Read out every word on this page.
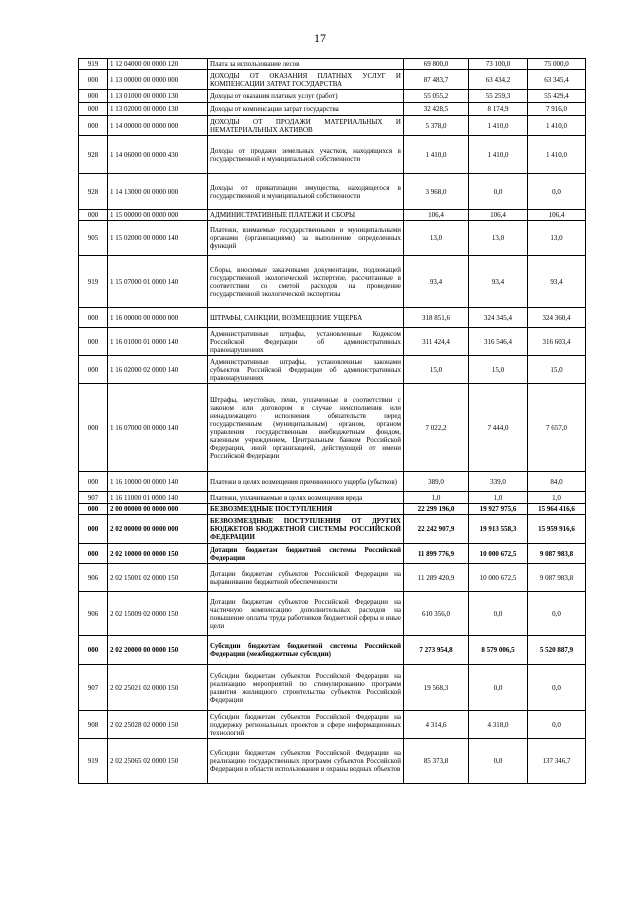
17
919	1 12 04000 00 0000 120	Плата за использование лесов	69 800,0	73 100,0	75 000,0
000	1 13 00000 00 0000 000	ДОХОДЫ ОТ ОКАЗАНИЯ ПЛАТНЫХ УСЛУГ И КОМПЕНСАЦИИ ЗАТРАТ ГОСУДАРСТВА	87 483,7	63 434,2	63 345,4
000	1 13 01000 00 0000 130	Доходы от оказания платных услуг (работ)	55 055,2	55 259,3	55 429,4
000	1 13 02000 00 0000 130	Доходы от компенсации затрат государства	32 428,5	8 174,9	7 916,0
000	1 14 00000 00 0000 000	ДОХОДЫ ОТ ПРОДАЖИ МАТЕРИАЛЬНЫХ И НЕМАТЕРИАЛЬНЫХ АКТИВОВ	5 378,0	1 410,0	1 410,0
928	1 14 06000 00 0000 430	Доходы от продажи земельных участков, находящихся в государственной и муниципальной собственности	1 410,0	1 410,0	1 410,0
928	1 14 13000 00 0000 000	Доходы от приватизации имущества, находящегося в государственной и муниципальной собственности	3 968,0	0,0	0,0
000	1 15 00000 00 0000 000	АДМИНИСТРАТИВНЫЕ ПЛАТЕЖИ И СБОРЫ	106,4	106,4	106,4
905	1 15 02000 00 0000 140	Платежи, взимаемые государственными и муниципальными органами (организациями) за выполнение определенных функций	13,0	13,0	13,0
919	1 15 07000 01 0000 140	Сборы, вносимые заказчиками документации, подлежащей государственной экологической экспертизе, рассчитанные в соответствии со сметой расходов на проведение государственной экологической экспертизы	93,4	93,4	93,4
000	1 16 00000 00 0000 000	ШТРАФЫ, САНКЦИИ, ВОЗМЕЩЕНИЕ УЩЕРБА	318 851,6	324 345,4	324 360,4
000	1 16 01000 01 0000 140	Административные штрафы, установленные Кодексом Российской Федерации об административных правонарушениях	311 424,4	316 546,4	316 603,4
000	1 16 02000 02 0000 140	Административные штрафы, установленные законами субъектов Российской Федерации об административных правонарушениях	15,0	15,0	15,0
000	1 16 07000 00 0000 140	Штрафы, неустойки, пени, уплаченные в соответствии с законом или договором в случае неисполнения или ненадлежащего исполнения обязательств перед государственным (муниципальным) органом, органом управления государственным внебюджетным фондом, казенным учреждением, Центральным банком Российской Федерации, иной организацией, действующей от имени Российской Федерации	7 022,2	7 444,0	7 657,0
000	1 16 10000 00 0000 140	Платежи в целях возмещения причиненного ущерба (убытков)	389,0	339,0	84,0
907	1 16 11000 01 0000 140	Платежи, уплачиваемые в целях возмещения вреда	1,0	1,0	1,0
000	2 00 00000 00 0000 000	БЕЗВОЗМЕЗДНЫЕ ПОСТУПЛЕНИЯ	22 299 196,0	19 927 975,6	15 964 416,6
000	2 02 00000 00 0000 000	БЕЗВОЗМЕЗДНЫЕ ПОСТУПЛЕНИЯ ОТ ДРУГИХ БЮДЖЕТОВ БЮДЖЕТНОЙ СИСТЕМЫ РОССИЙСКОЙ ФЕДЕРАЦИИ	22 242 907,9	19 913 558,3	15 959 916,6
000	2 02 10000 00 0000 150	Дотации бюджетам бюджетной системы Российской Федерации	11 899 776,9	10 000 672,5	9 087 983,8
906	2 02 15001 02 0000 150	Дотации бюджетам субъектов Российской Федерации на выравнивание бюджетной обеспеченности	11 289 420,9	10 000 672,5	9 087 983,8
906	2 02 15009 02 0000 150	Дотации бюджетам субъектов Российской Федерации на частичную компенсацию дополнительных расходов на повышение оплаты труда работников бюджетной сферы и иные цели	610 356,0	0,0	0,0
000	2 02 20000 00 0000 150	Субсидии бюджетам бюджетной системы Российской Федерации (межбюджетные субсидии)	7 273 954,8	8 579 006,5	5 520 887,9
907	2 02 25021 02 0000 150	Субсидии бюджетам субъектов Российской Федерации на реализацию мероприятий по стимулированию программ развития жилищного строительства субъектов Российской Федерации	19 568,3	0,0	0,0
908	2 02 25028 02 0000 150	Субсидии бюджетам субъектов Российской Федерации на поддержку региональных проектов в сфере информационных технологий	4 314,6	4 318,0	0,0
919	2 02 25065 02 0000 150	Субсидии бюджетам субъектов Российской Федерации на реализацию государственных программ субъектов Российской Федерации в области использования и охраны водных объектов	85 373,8	0,0	137 346,7
